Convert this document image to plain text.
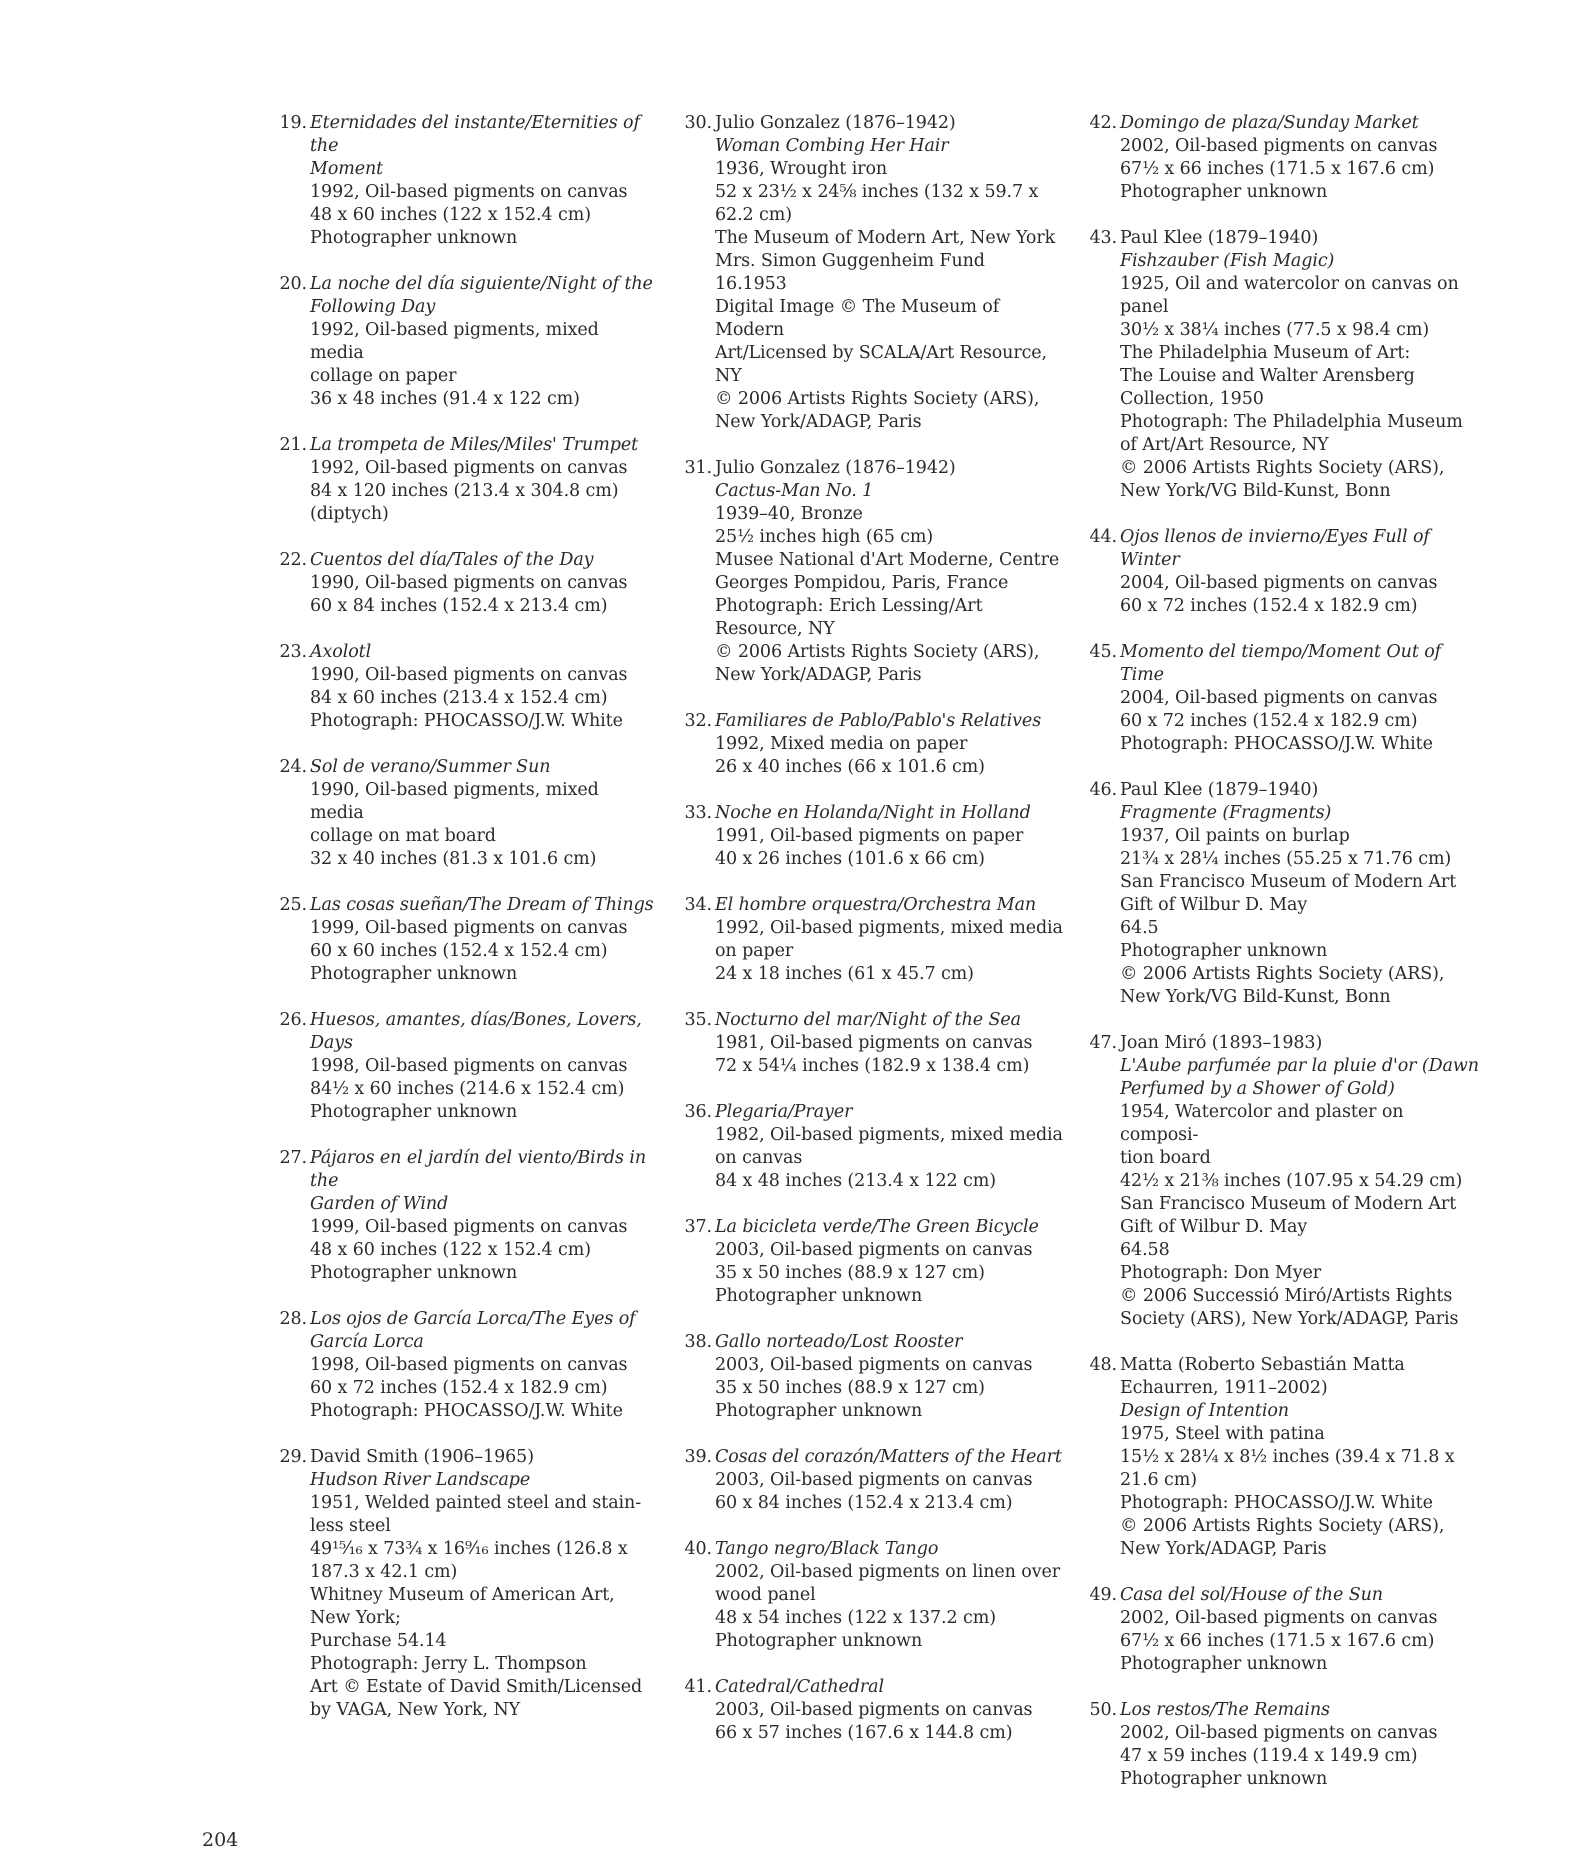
19. Eternidades del instante/Eternities of the
Moment
1992, Oil-based pigments on canvas
48 x 60 inches (122 x 152.4 cm)
Photographer unknown
20. La noche del día siguiente/Night of the
Following Day
1992, Oil-based pigments, mixed media
collage on paper
36 x 48 inches (91.4 x 122 cm)
21. La trompeta de Miles/Miles' Trumpet
1992, Oil-based pigments on canvas
84 x 120 inches (213.4 x 304.8 cm)
(diptych)
22. Cuentos del día/Tales of the Day
1990, Oil-based pigments on canvas
60 x 84 inches (152.4 x 213.4 cm)
23. Axolotl
1990, Oil-based pigments on canvas
84 x 60 inches (213.4 x 152.4 cm)
Photograph: PHOCASSO/J.W. White
24. Sol de verano/Summer Sun
1990, Oil-based pigments, mixed media
collage on mat board
32 x 40 inches (81.3 x 101.6 cm)
25. Las cosas sueñan/The Dream of Things
1999, Oil-based pigments on canvas
60 x 60 inches (152.4 x 152.4 cm)
Photographer unknown
26. Huesos, amantes, días/Bones, Lovers, Days
1998, Oil-based pigments on canvas
84½ x 60 inches (214.6 x 152.4 cm)
Photographer unknown
27. Pájaros en el jardín del viento/Birds in the
Garden of Wind
1999, Oil-based pigments on canvas
48 x 60 inches (122 x 152.4 cm)
Photographer unknown
28. Los ojos de García Lorca/The Eyes of
García Lorca
1998, Oil-based pigments on canvas
60 x 72 inches (152.4 x 182.9 cm)
Photograph: PHOCASSO/J.W. White
29. David Smith (1906–1965)
Hudson River Landscape
1951, Welded painted steel and stain-
less steel
49¹⁵⁄₁₆ x 73¾ x 16⁹⁄₁₆ inches (126.8 x
187.3 x 42.1 cm)
Whitney Museum of American Art,
New York;
Purchase 54.14
Photograph: Jerry L. Thompson
Art © Estate of David Smith/Licensed
by VAGA, New York, NY
30. Julio Gonzalez (1876–1942)
Woman Combing Her Hair
1936, Wrought iron
52 x 23½ x 24⅝ inches (132 x 59.7 x
62.2 cm)
The Museum of Modern Art, New York
Mrs. Simon Guggenheim Fund
16.1953
Digital Image © The Museum of Modern
Art/Licensed by SCALA/Art Resource, NY
© 2006 Artists Rights Society (ARS),
New York/ADAGP, Paris
31. Julio Gonzalez (1876–1942)
Cactus-Man No. 1
1939–40, Bronze
25½ inches high (65 cm)
Musee National d'Art Moderne, Centre
Georges Pompidou, Paris, France
Photograph: Erich Lessing/Art Resource, NY
© 2006 Artists Rights Society (ARS),
New York/ADAGP, Paris
32. Familiares de Pablo/Pablo's Relatives
1992, Mixed media on paper
26 x 40 inches (66 x 101.6 cm)
33. Noche en Holanda/Night in Holland
1991, Oil-based pigments on paper
40 x 26 inches (101.6 x 66 cm)
34. El hombre orquestra/Orchestra Man
1992, Oil-based pigments, mixed media
on paper
24 x 18 inches (61 x 45.7 cm)
35. Nocturno del mar/Night of the Sea
1981, Oil-based pigments on canvas
72 x 54¼ inches (182.9 x 138.4 cm)
36. Plegaria/Prayer
1982, Oil-based pigments, mixed media
on canvas
84 x 48 inches (213.4 x 122 cm)
37. La bicicleta verde/The Green Bicycle
2003, Oil-based pigments on canvas
35 x 50 inches (88.9 x 127 cm)
Photographer unknown
38. Gallo norteado/Lost Rooster
2003, Oil-based pigments on canvas
35 x 50 inches (88.9 x 127 cm)
Photographer unknown
39. Cosas del corazón/Matters of the Heart
2003, Oil-based pigments on canvas
60 x 84 inches (152.4 x 213.4 cm)
40. Tango negro/Black Tango
2002, Oil-based pigments on linen over
wood panel
48 x 54 inches (122 x 137.2 cm)
Photographer unknown
41. Catedral/Cathedral
2003, Oil-based pigments on canvas
66 x 57 inches (167.6 x 144.8 cm)
42. Domingo de plaza/Sunday Market
2002, Oil-based pigments on canvas
67½ x 66 inches (171.5 x 167.6 cm)
Photographer unknown
43. Paul Klee (1879–1940)
Fishzauber (Fish Magic)
1925, Oil and watercolor on canvas on panel
30½ x 38¼ inches (77.5 x 98.4 cm)
The Philadelphia Museum of Art:
The Louise and Walter Arensberg
Collection, 1950
Photograph: The Philadelphia Museum
of Art/Art Resource, NY
© 2006 Artists Rights Society (ARS),
New York/VG Bild-Kunst, Bonn
44. Ojos llenos de invierno/Eyes Full of Winter
2004, Oil-based pigments on canvas
60 x 72 inches (152.4 x 182.9 cm)
45. Momento del tiempo/Moment Out of Time
2004, Oil-based pigments on canvas
60 x 72 inches (152.4 x 182.9 cm)
Photograph: PHOCASSO/J.W. White
46. Paul Klee (1879–1940)
Fragmente (Fragments)
1937, Oil paints on burlap
21¾ x 28¼ inches (55.25 x 71.76 cm)
San Francisco Museum of Modern Art
Gift of Wilbur D. May
64.5
Photographer unknown
© 2006 Artists Rights Society (ARS),
New York/VG Bild-Kunst, Bonn
47. Joan Miró (1893–1983)
L'Aube parfumée par la pluie d'or (Dawn
Perfumed by a Shower of Gold)
1954, Watercolor and plaster on composi-
tion board
42½ x 21⅜ inches (107.95 x 54.29 cm)
San Francisco Museum of Modern Art
Gift of Wilbur D. May
64.58
Photograph: Don Myer
© 2006 Successió Miró/Artists Rights
Society (ARS), New York/ADAGP, Paris
48. Matta (Roberto Sebastián Matta
Echaurren, 1911–2002)
Design of Intention
1975, Steel with patina
15½ x 28¼ x 8½ inches (39.4 x 71.8 x
21.6 cm)
Photograph: PHOCASSO/J.W. White
© 2006 Artists Rights Society (ARS),
New York/ADAGP, Paris
49. Casa del sol/House of the Sun
2002, Oil-based pigments on canvas
67½ x 66 inches (171.5 x 167.6 cm)
Photographer unknown
50. Los restos/The Remains
2002, Oil-based pigments on canvas
47 x 59 inches (119.4 x 149.9 cm)
Photographer unknown
204
